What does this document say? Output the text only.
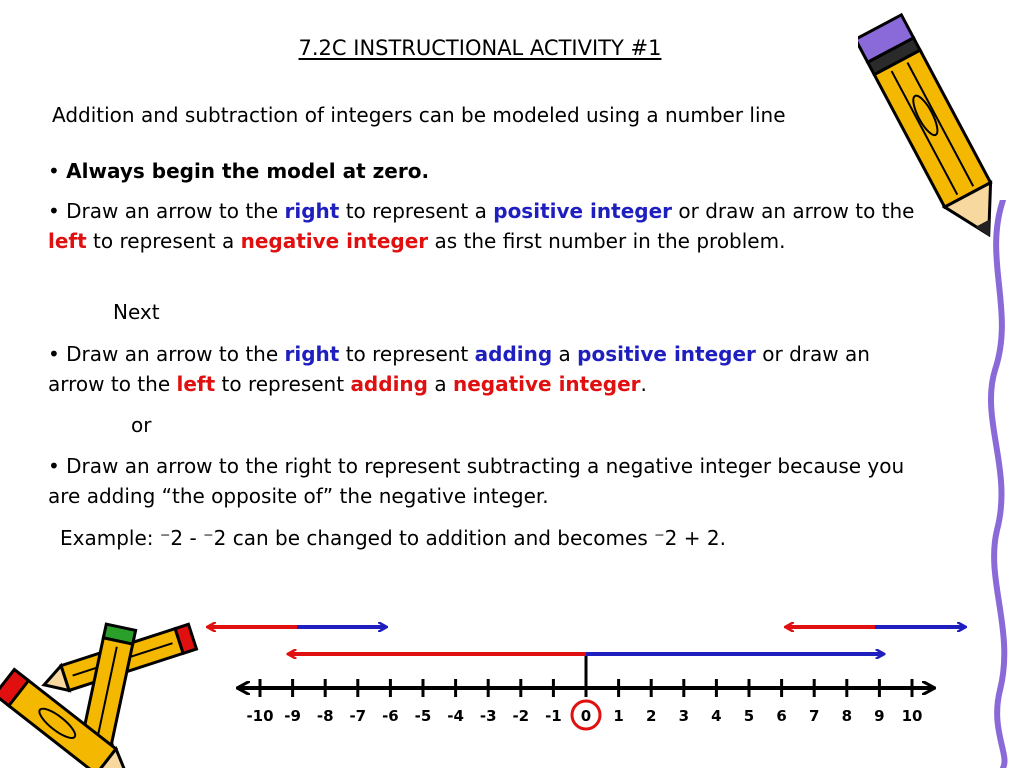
7.2C INSTRUCTIONAL ACTIVITY #1
Addition and subtraction of integers can be modeled using a number line
• Always begin the model at zero.
• Draw an arrow to the right to represent a positive integer or draw an arrow to the left to represent a negative integer as the first number in the problem.
Next
• Draw an arrow to the right to represent adding a positive integer or draw an arrow to the left to represent adding a negative integer.
or
• Draw an arrow to the right to represent subtracting a negative integer because you are adding “the opposite of” the negative integer.
Example: ⁻2 - ⁻2 can be changed to addition and becomes ⁻2 + 2.
-10 -9 -8 -7 -6 -5 -4 -3 -2 -1 0 1 2 3 4 5 6 7 8 9 10
